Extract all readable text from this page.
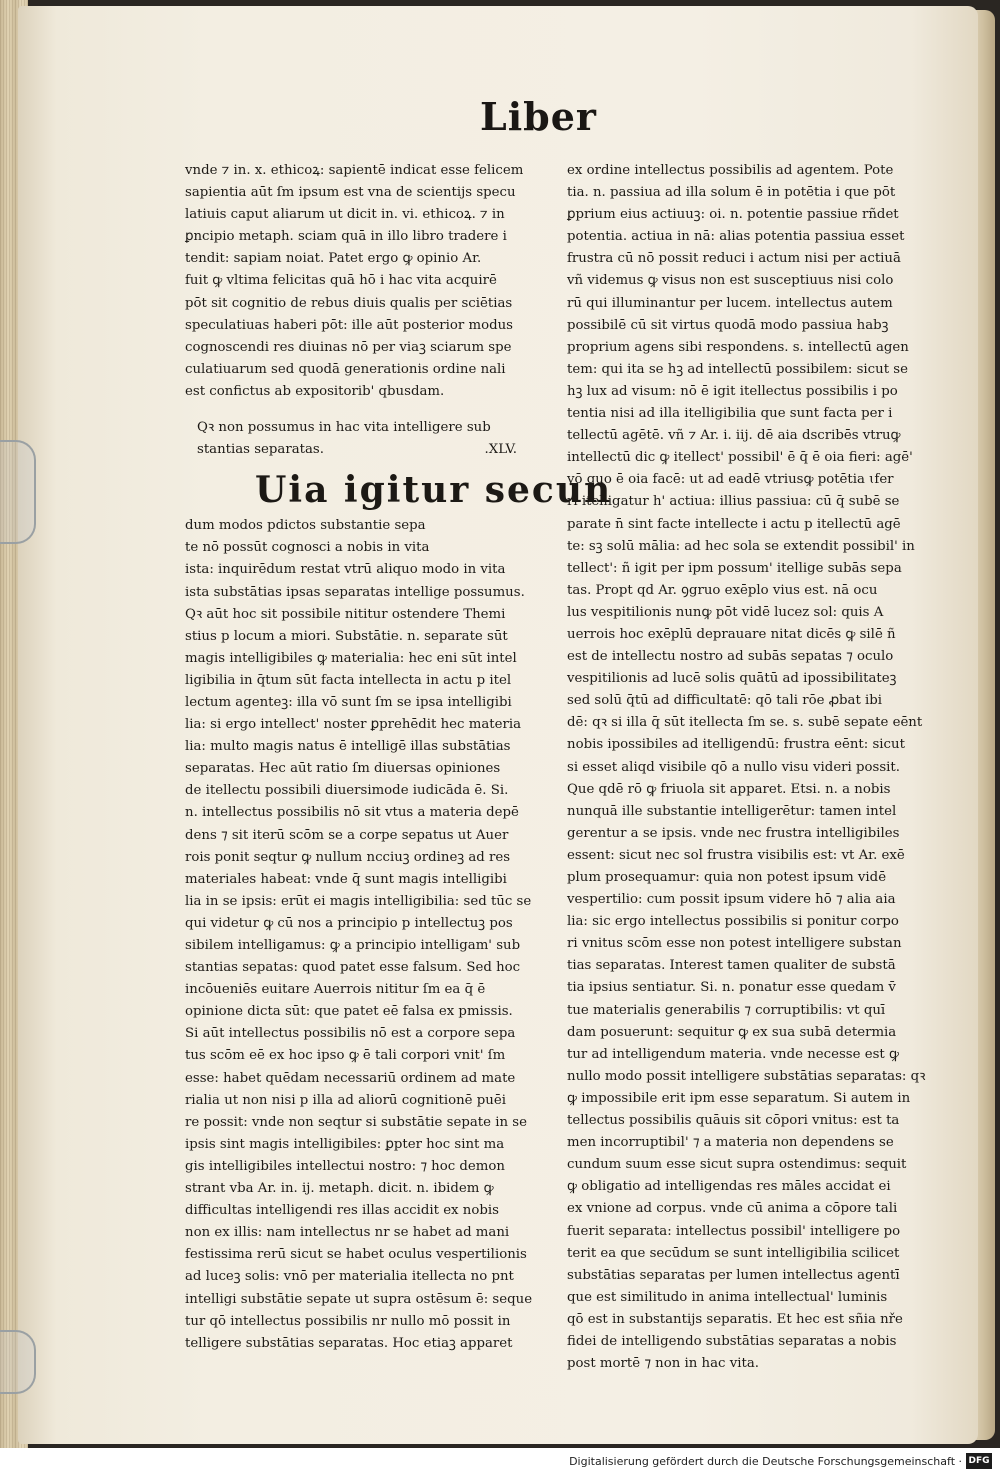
Liber
vnde ⁊ in. x. ethicoꝝ: sapientē indicat esse felicem
sapientia aūt ſm ipsum est vna de scientijs specu
latiuis caput aliarum ut dicit in. vi. ethicoꝝ. ⁊ in
ꝑncipio metaph. sciam quā in illo libro tradere i
tendit: sapiam noiat. Patet ergo ꝙ opinio Ar.
fuit ꝙ vltima felicitas quā hō i hac vita acquirē
pōt sit cognitio de rebus diuis qualis per sciētias
speculatiuas haberi pōt: ille aūt posterior modus
cognoscendi res diuinas nō per viaꝫ sciarum spe
culatiuarum sed quodā generationis ordine nali
est confictus ab expositorib' qbusdam.
Qꝛ non possumus in hac vita intelligere sub
stantias separatas.	.XLV.
Uia igitur secun
dum modos pdictos substantie sepa
te nō possūt cognosci a nobis in vita
ista: inquirēdum restat vtrū aliquo modo in vita
ista substātias ipsas separatas intellige possumus.
Qꝛ aūt hoc sit possibile nititur ostendere Themi
stius p locum a miori. Substātie. n. separate sūt
magis intelligibiles ꝙ materialia: hec eni sūt intel
ligibilia in q̄tum sūt facta intellecta in actu p itel
lectum agenteꝫ: illa vō sunt ſm se ipsa intelligibi
lia: si ergo intellect' noster ꝑprehēdit hec materia
lia: multo magis natus ē intelligē illas substātias
separatas. Hec aūt ratio ſm diuersas opiniones
de itellectu possibili diuersimode iudicāda ē. Si.
n. intellectus possibilis nō sit vtus a materia depē
dens ⁊ sit iterū scōm se a corpe sepatus ut Auer
rois ponit seqtur ꝙ nullum ncciuꝫ ordineꝫ ad res
materiales habeat: vnde q̄ sunt magis intelligibi
lia in se ipsis: erūt ei magis intelligibilia: sed tūc se
qui videtur ꝙ cū nos a principio p intellectuꝫ pos
sibilem intelligamus: ꝙ a principio intelligam' sub
stantias sepatas: quod patet esse falsum. Sed hoc
incōueniēs euitare Auerrois nititur ſm ea q̄ ē
opinione dicta sūt: que patet eē falsa ex pmissis.
Si aūt intellectus possibilis nō est a corpore sepa
tus scōm eē ex hoc ipso ꝙ ē tali corpori vnit' ſm
esse: habet quēdam necessariū ordinem ad mate
rialia ut non nisi p illa ad aliorū cognitionē puēi
re possit: vnde non seqtur si substātie sepate in se
ipsis sint magis intelligibiles: ꝑpter hoc sint ma
gis intelligibiles intellectui nostro: ⁊ hoc demon
strant vba Ar. in. ij. metaph. dicit. n. ibidem ꝙ
difficultas intelligendi res illas accidit ex nobis
non ex illis: nam intellectus nr se habet ad mani
festissima rerū sicut se habet oculus vespertilionis
ad luceꝫ solis: vnō per materialia itellecta no pnt
intelligi substātie sepate ut supra ostēsum ē: seque
tur qō intellectus possibilis nr nullo mō possit in
telligere substātias separatas. Hoc etiaꝫ apparet
ex ordine intellectus possibilis ad agentem. Pote
tia. n. passiua ad illa solum ē in potētia i que pōt
ꝑprium eius actiuuꝫ: oi. n. potentie passiue rñdet
potentia. actiua in nā: alias potentia passiua esset
frustra cū nō possit reduci i actum nisi per actiuā
vñ videmus ꝙ visus non est susceptiuus nisi colo
rū qui illuminantur per lucem. intellectus autem
possibilē cū sit virtus quodā modo passiua habꝫ
proprium agens sibi respondens. s. intellectū agen
tem: qui ita se hꝫ ad intellectū possibilem: sicut se
hꝫ lux ad visum: nō ē igit itellectus possibilis i po
tentia nisi ad illa itelligibilia que sunt facta per i
tellectū agētē. vñ ⁊ Ar. i. iij. dē aia dscribēs vtruꝙ
intellectū dic ꝙ itellect' possibil' ē q̄ ē oia fieri: agē'
vō quo ē oia facē: ut ad eadē vtriusꝙ potētia ɩfer
ri itelligatur h' actiua: illius passiua: cū q̄ subē se
parate n̄ sint facte intellecte i actu p itellectū agē
te: sꝫ solū mālia: ad hec sola se extendit possibil' in
tellect': ñ igit per ipm possum' itellige subās sepa
tas. Propt qd Ar. ꝯgruo exēplo vius est. nā ocu
lus vespitilionis nunꝙ pōt vidē lucez sol: quis A
uerrois hoc exēplū deprauare nitat dicēs ꝙ silē ñ
est de intellectu nostro ad subās sepatas ⁊ oculo
vespitilionis ad lucē solis quātū ad ipossibilitateꝫ
sed solū q̄tū ad difficultatē: qō tali rōe ꝓbat ibi
dē: qꝛ si illa q̄ sūt itellecta ſm se. s. subē sepate eēnt
nobis ipossibiles ad itelligendū: frustra eēnt: sicut
si esset aliqd visibile qō a nullo visu videri possit.
Que qdē rō ꝙ friuola sit apparet. Etsi. n. a nobis
nunquā ille substantie intelligerētur: tamen intel
gerentur a se ipsis. vnde nec frustra intelligibiles
essent: sicut nec sol frustra visibilis est: vt Ar. exē
plum prosequamur: quia non potest ipsum vidē
vespertilio: cum possit ipsum videre hō ⁊ alia aia
lia: sic ergo intellectus possibilis si ponitur corpo
ri vnitus scōm esse non potest intelligere substan
tias separatas. Interest tamen qualiter de substā
tia ipsius sentiatur. Si. n. ponatur esse quedam v̄
tue materialis generabilis ⁊ corruptibilis: vt quī
dam posuerunt: sequitur ꝙ ex sua subā determia
tur ad intelligendum materia. vnde necesse est ꝙ
nullo modo possit intelligere substātias separatas: qꝛ
ꝙ impossibile erit ipm esse separatum. Si autem in
tellectus possibilis quāuis sit cōpori vnitus: est ta
men incorruptibil' ⁊ a materia non dependens se
cundum suum esse sicut supra ostendimus: sequit
ꝙ obligatio ad intelligendas res māles accidat ei
ex vnione ad corpus. vnde cū anima a cōpore tali
fuerit separata: intellectus possibil' intelligere po
terit ea que secūdum se sunt intelligibilia scilicet
substātias separatas per lumen intellectus agentī
que est similitudo in anima intellectual' luminis
qō est in substantijs separatis. Et hec est sñia nře
fidei de intelligendo substātias separatas a nobis
post mortē ⁊ non in hac vita.

Digitalisierung gefördert durch die Deutsche Forschungsgemeinschaft · DFG
